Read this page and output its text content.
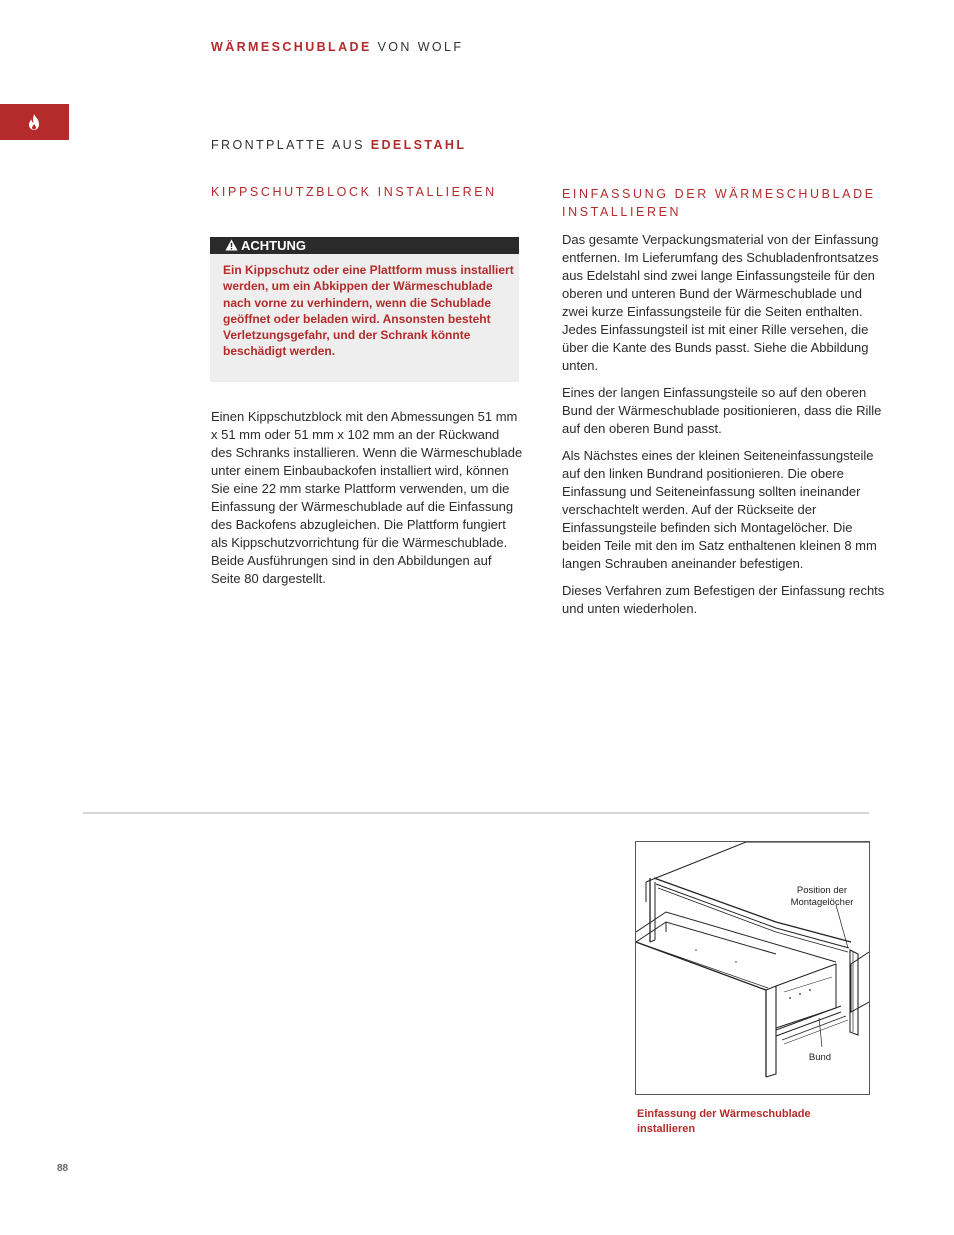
WÄRMESCHUBLADE VON WOLF
FRONTPLATTE AUS EDELSTAHL
KIPPSCHUTZBLOCK INSTALLIEREN
ACHTUNG
Ein Kippschutz oder eine Plattform muss installiert werden, um ein Abkippen der Wärmeschublade nach vorne zu verhindern, wenn die Schublade geöffnet oder beladen wird. Ansonsten besteht Verletzungsgefahr, und der Schrank könnte beschädigt werden.
Einen Kippschutzblock mit den Abmessungen 51 mm x 51 mm oder 51 mm x 102 mm an der Rückwand des Schranks installieren. Wenn die Wärmeschublade unter einem Einbaubackofen installiert wird, können Sie eine 22 mm starke Plattform verwenden, um die Einfassung der Wärmeschublade auf die Einfassung des Backofens abzugleichen. Die Plattform fungiert als Kippschutzvorrichtung für die Wärmeschublade. Beide Ausführungen sind in den Abbildungen auf Seite 80 dargestellt.
EINFASSUNG DER WÄRMESCHUBLADE INSTALLIEREN

Das gesamte Verpackungsmaterial von der Einfassung entfernen. Im Lieferumfang des Schubladenfrontsatzes aus Edelstahl sind zwei lange Einfassungsteile für den oberen und unteren Bund der Wärmeschublade und zwei kurze Einfassungsteile für die Seiten enthalten. Jedes Einfassungsteil ist mit einer Rille versehen, die über die Kante des Bunds passt. Siehe die Abbildung unten.

Eines der langen Einfassungsteile so auf den oberen Bund der Wärmeschublade positionieren, dass die Rille auf den oberen Bund passt.

Als Nächstes eines der kleinen Seiteneinfassungsteile auf den linken Bundrand positionieren. Die obere Einfassung und Seiteneinfassung sollten ineinander verschachtelt werden. Auf der Rückseite der Einfassungsteile befinden sich Montagelöcher. Die beiden Teile mit den im Satz enthaltenen kleinen 8 mm langen Schrauben aneinander befestigen.

Dieses Verfahren zum Befestigen der Einfassung rechts und unten wiederholen.

Position der
Montagelöcher
Bund
Einfassung der Wärmeschublade installieren
88
